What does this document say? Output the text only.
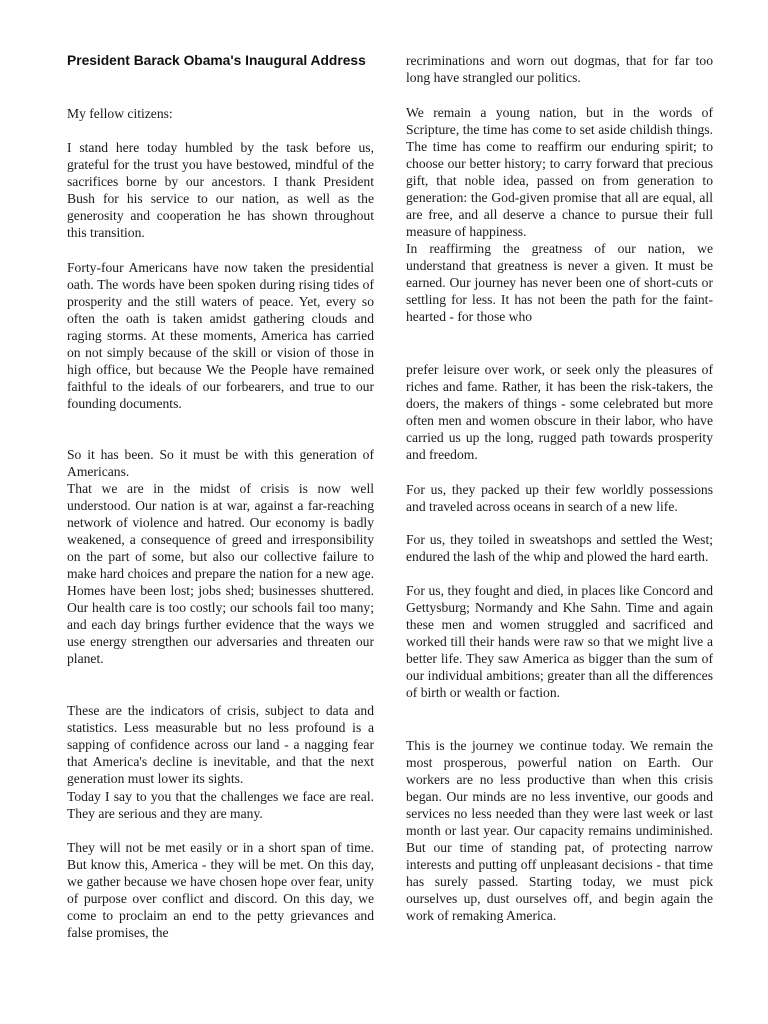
President Barack Obama's Inaugural Address

My fellow citizens:

I stand here today humbled by the task before us, grateful for the trust you have bestowed, mindful of the sacrifices borne by our ancestors. I thank President Bush for his service to our nation, as well as the generosity and cooperation he has shown throughout this transition.

Forty-four Americans have now taken the presidential oath. The words have been spoken during rising tides of prosperity and the still waters of peace. Yet, every so often the oath is taken amidst gathering clouds and raging storms. At these moments, America has carried on not simply because of the skill or vision of those in high office, but because We the People have remained faithful to the ideals of our forbearers, and true to our founding documents.

So it has been. So it must be with this generation of Americans.

That we are in the midst of crisis is now well understood. Our nation is at war, against a far-reaching network of violence and hatred. Our economy is badly weakened, a consequence of greed and irresponsibility on the part of some, but also our collective failure to make hard choices and prepare the nation for a new age. Homes have been lost; jobs shed; businesses shuttered. Our health care is too costly; our schools fail too many; and each day brings further evidence that the ways we use energy strengthen our adversaries and threaten our planet.

These are the indicators of crisis, subject to data and statistics. Less measurable but no less profound is a sapping of confidence across our land - a nagging fear that America's decline is inevitable, and that the next generation must lower its sights.

Today I say to you that the challenges we face are real. They are serious and they are many.

They will not be met easily or in a short span of time. But know this, America - they will be met. On this day, we gather because we have chosen hope over fear, unity of purpose over conflict and discord. On this day, we come to proclaim an end to the petty grievances and false promises, the

recriminations and worn out dogmas, that for far too long have strangled our politics.

We remain a young nation, but in the words of Scripture, the time has come to set aside childish things. The time has come to reaffirm our enduring spirit; to choose our better history; to carry forward that precious gift, that noble idea, passed on from generation to generation: the God-given promise that all are equal, all are free, and all deserve a chance to pursue their full measure of happiness.

In reaffirming the greatness of our nation, we understand that greatness is never a given. It must be earned. Our journey has never been one of short-cuts or settling for less. It has not been the path for the faint-hearted - for those who

prefer leisure over work, or seek only the pleasures of riches and fame. Rather, it has been the risk-takers, the doers, the makers of things - some celebrated but more often men and women obscure in their labor, who have carried us up the long, rugged path towards prosperity and freedom.

For us, they packed up their few worldly possessions and traveled across oceans in search of a new life.

For us, they toiled in sweatshops and settled the West; endured the lash of the whip and plowed the hard earth.

For us, they fought and died, in places like Concord and Gettysburg; Normandy and Khe Sahn. Time and again these men and women struggled and sacrificed and worked till their hands were raw so that we might live a better life. They saw America as bigger than the sum of our individual ambitions; greater than all the differences of birth or wealth or faction.

This is the journey we continue today. We remain the most prosperous, powerful nation on Earth. Our workers are no less productive than when this crisis began. Our minds are no less inventive, our goods and services no less needed than they were last week or last month or last year. Our capacity remains undiminished. But our time of standing pat, of protecting narrow interests and putting off unpleasant decisions - that time has surely passed. Starting today, we must pick ourselves up, dust ourselves off, and begin again the work of remaking America.
